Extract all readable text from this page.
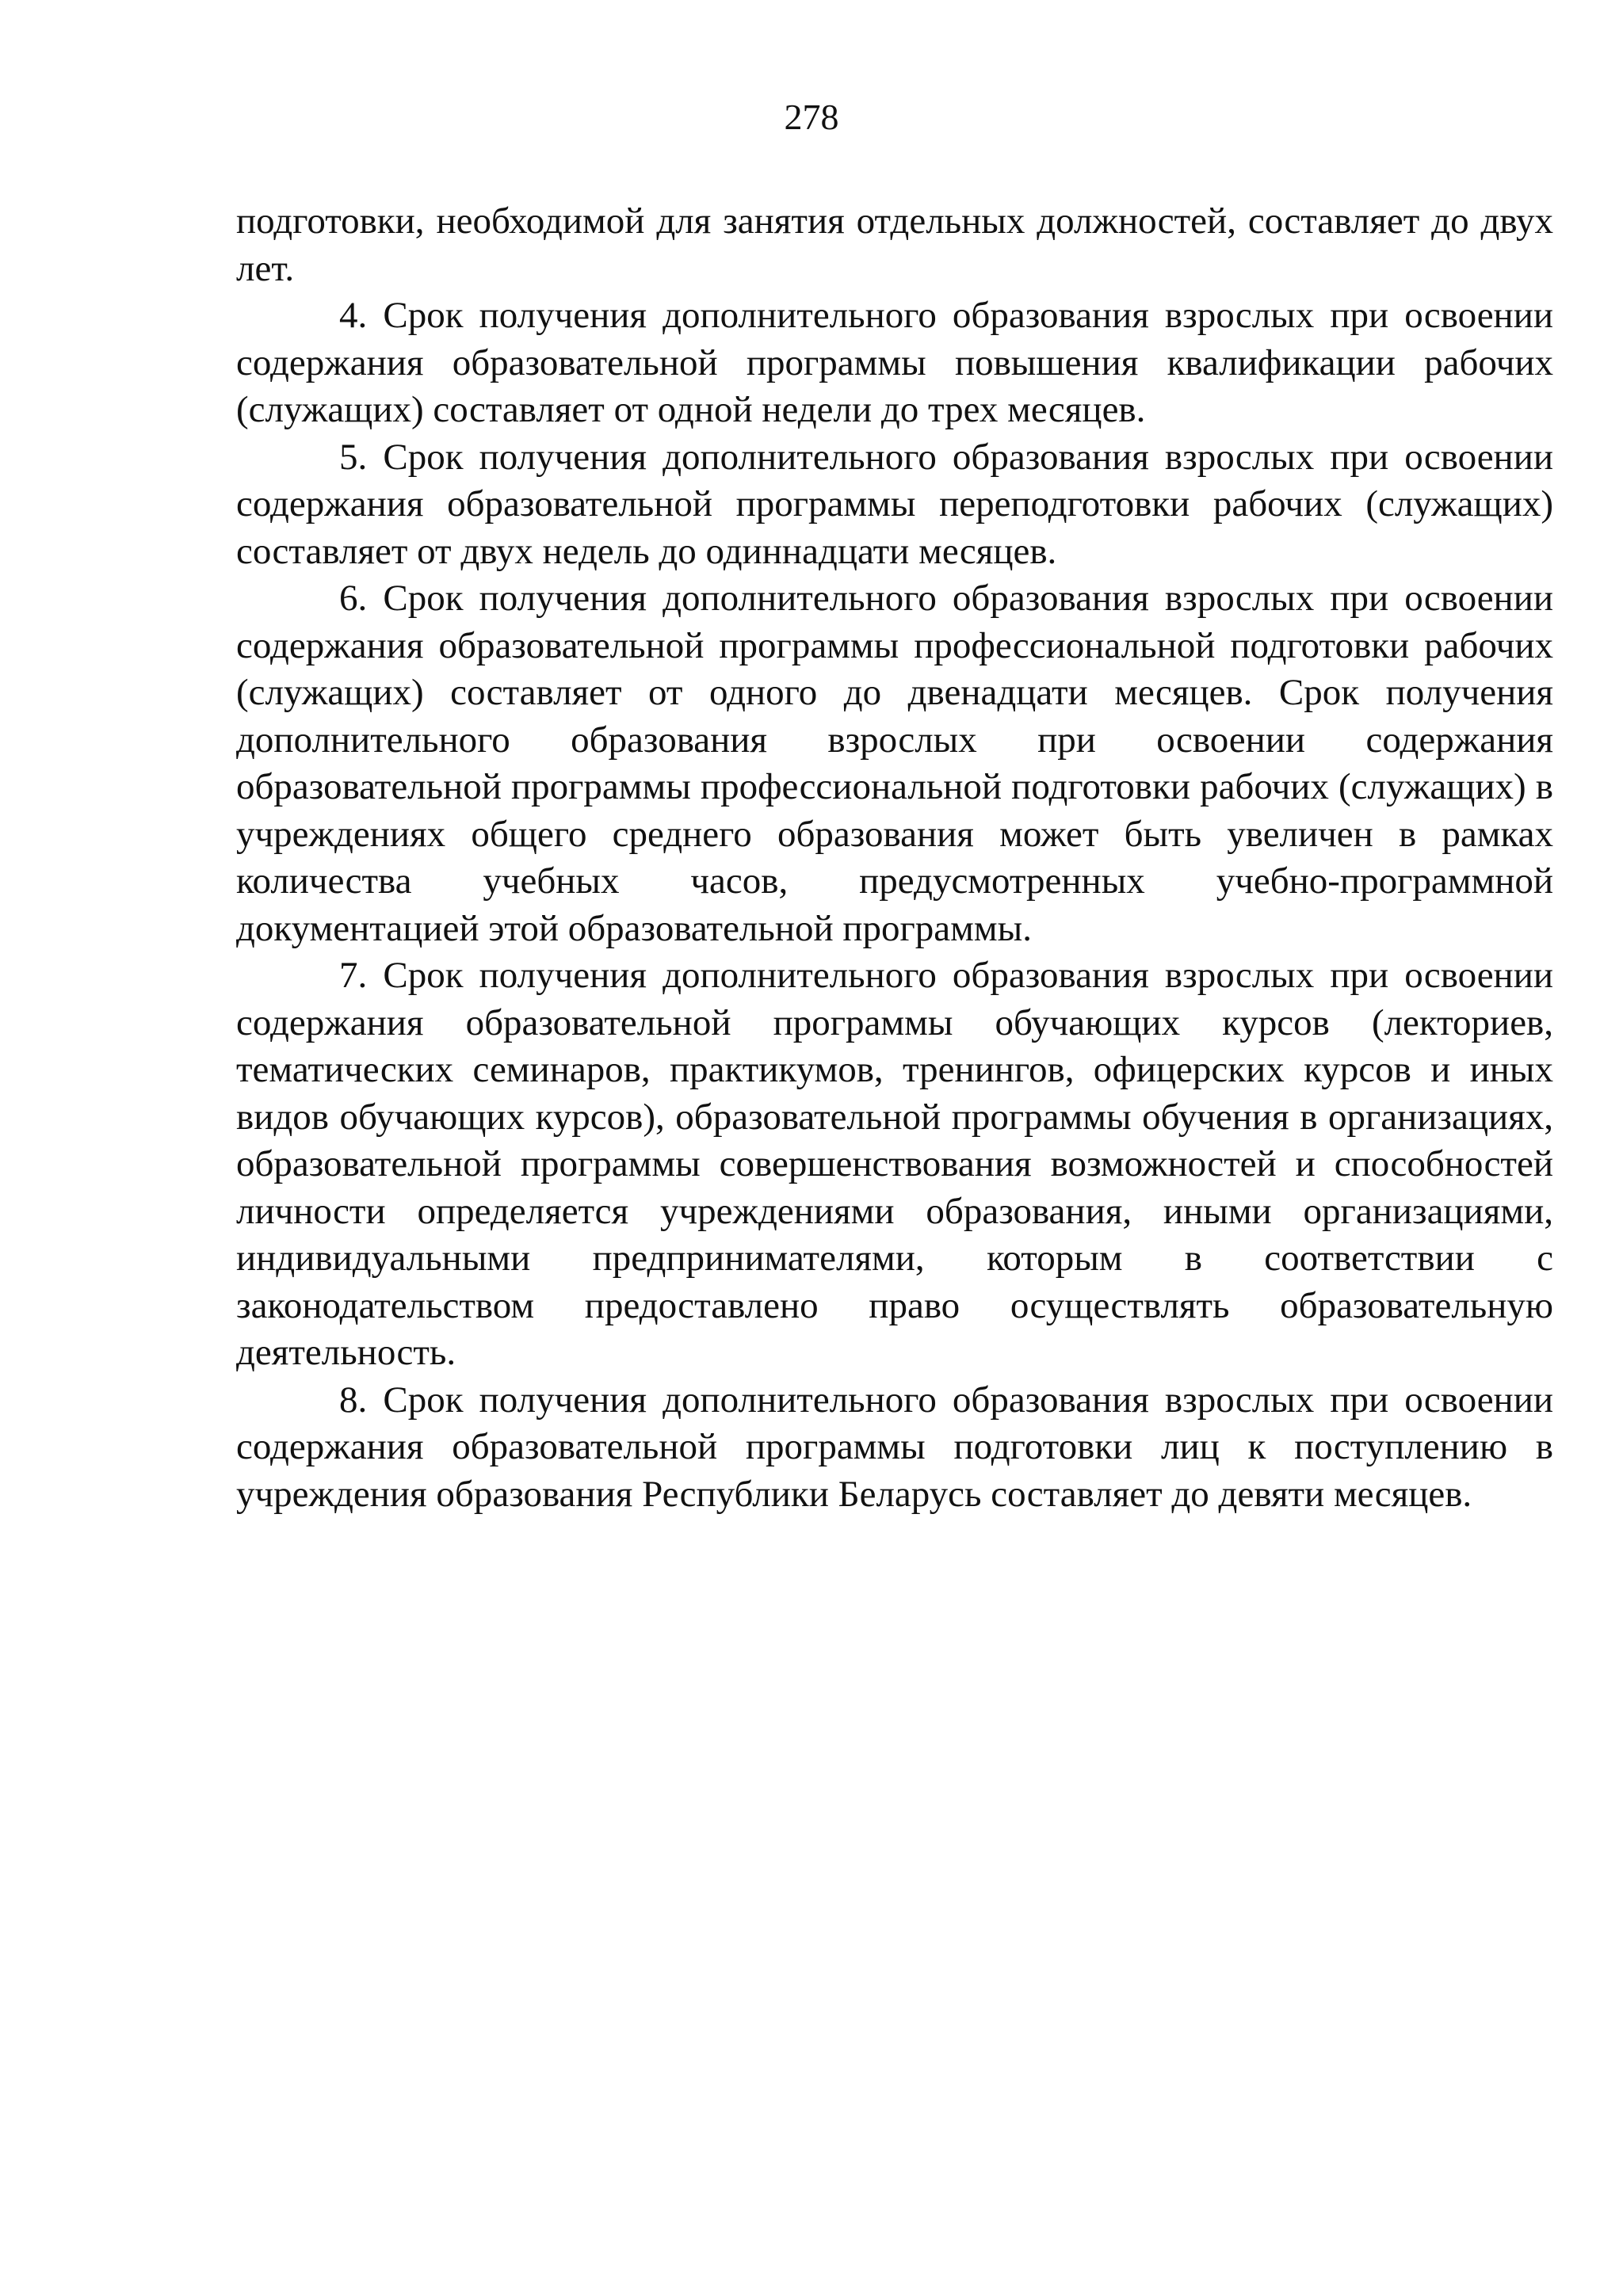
278

подготовки, необходимой для занятия отдельных должностей, составляет до двух лет.

4. Срок получения дополнительного образования взрослых при освоении содержания образовательной программы повышения квалификации рабочих (служащих) составляет от одной недели до трех месяцев.

5. Срок получения дополнительного образования взрослых при освоении содержания образовательной программы переподготовки рабочих (служащих) составляет от двух недель до одиннадцати месяцев.

6. Срок получения дополнительного образования взрослых при освоении содержания образовательной программы профессиональной подготовки рабочих (служащих) составляет от одного до двенадцати месяцев. Срок получения дополнительного образования взрослых при освоении содержания образовательной программы профессиональной подготовки рабочих (служащих) в учреждениях общего среднего образования может быть увеличен в рамках количества учебных часов, предусмотренных учебно-программной документацией этой образовательной программы.

7. Срок получения дополнительного образования взрослых при освоении содержания образовательной программы обучающих курсов (лекториев, тематических семинаров, практикумов, тренингов, офицерских курсов и иных видов обучающих курсов), образовательной программы обучения в организациях, образовательной программы совершенствования возможностей и способностей личности определяется учреждениями образования, иными организациями, индивидуальными предпринимателями, которым в соответствии с законодательством предоставлено право осуществлять образовательную деятельность.

8. Срок получения дополнительного образования взрослых при освоении содержания образовательной программы подготовки лиц к поступлению в учреждения образования Республики Беларусь составляет до девяти месяцев.
